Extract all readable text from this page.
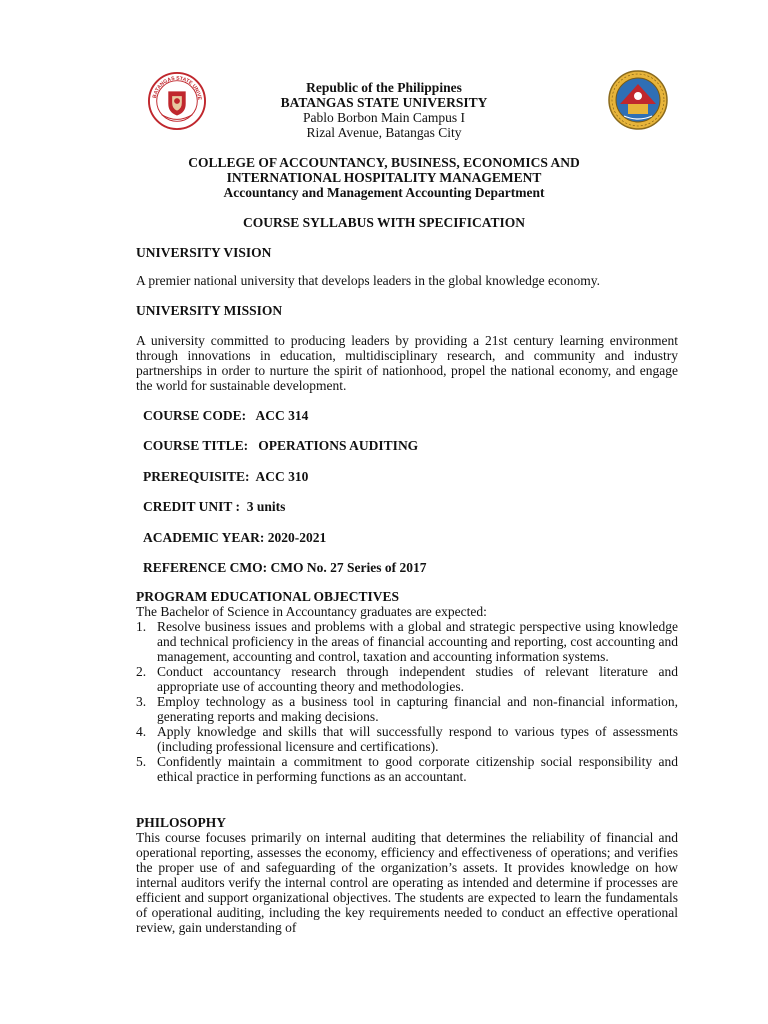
BATANGAS STATE UNIVE
Republic of the Philippines
BATANGAS STATE UNIVERSITY
Pablo Borbon Main Campus I
Rizal Avenue, Batangas City
COLLEGE OF ACCOUNTANCY, BUSINESS, ECONOMICS AND
INTERNATIONAL HOSPITALITY MANAGEMENT
Accountancy and Management Accounting Department
COURSE SYLLABUS WITH SPECIFICATION
UNIVERSITY VISION
A premier national university that develops leaders in the global knowledge economy.
UNIVERSITY MISSION
A university committed to producing leaders by providing a 21st century learning environment through innovations in education, multidisciplinary research, and community and industry partnerships in order to nurture the spirit of nationhood, propel the national economy, and engage the world for sustainable development.
COURSE CODE:   ACC 314
COURSE TITLE:   OPERATIONS AUDITING
PREREQUISITE:  ACC 310
CREDIT UNIT :  3 units
ACADEMIC YEAR: 2020-2021
REFERENCE CMO: CMO No. 27 Series of 2017
PROGRAM EDUCATIONAL OBJECTIVES
The Bachelor of Science in Accountancy graduates are expected:
1. Resolve business issues and problems with a global and strategic perspective using knowledge and technical proficiency in the areas of financial accounting and reporting, cost accounting and management, accounting and control, taxation and accounting information systems.
2. Conduct accountancy research through independent studies of relevant literature and appropriate use of accounting theory and methodologies.
3. Employ technology as a business tool in capturing financial and non-financial information, generating reports and making decisions.
4. Apply knowledge and skills that will successfully respond to various types of assessments (including professional licensure and certifications).
5. Confidently maintain a commitment to good corporate citizenship social responsibility and ethical practice in performing functions as an accountant.
PHILOSOPHY
This course focuses primarily on internal auditing that determines the reliability of financial and operational reporting, assesses the economy, efficiency and effectiveness of operations; and verifies the proper use of and safeguarding of the organization’s assets. It provides knowledge on how internal auditors verify the internal control are operating as intended and determine if processes are efficient and support organizational objectives. The students are expected to learn the fundamentals of operational auditing, including the key requirements needed to conduct an effective operational review, gain understanding of
